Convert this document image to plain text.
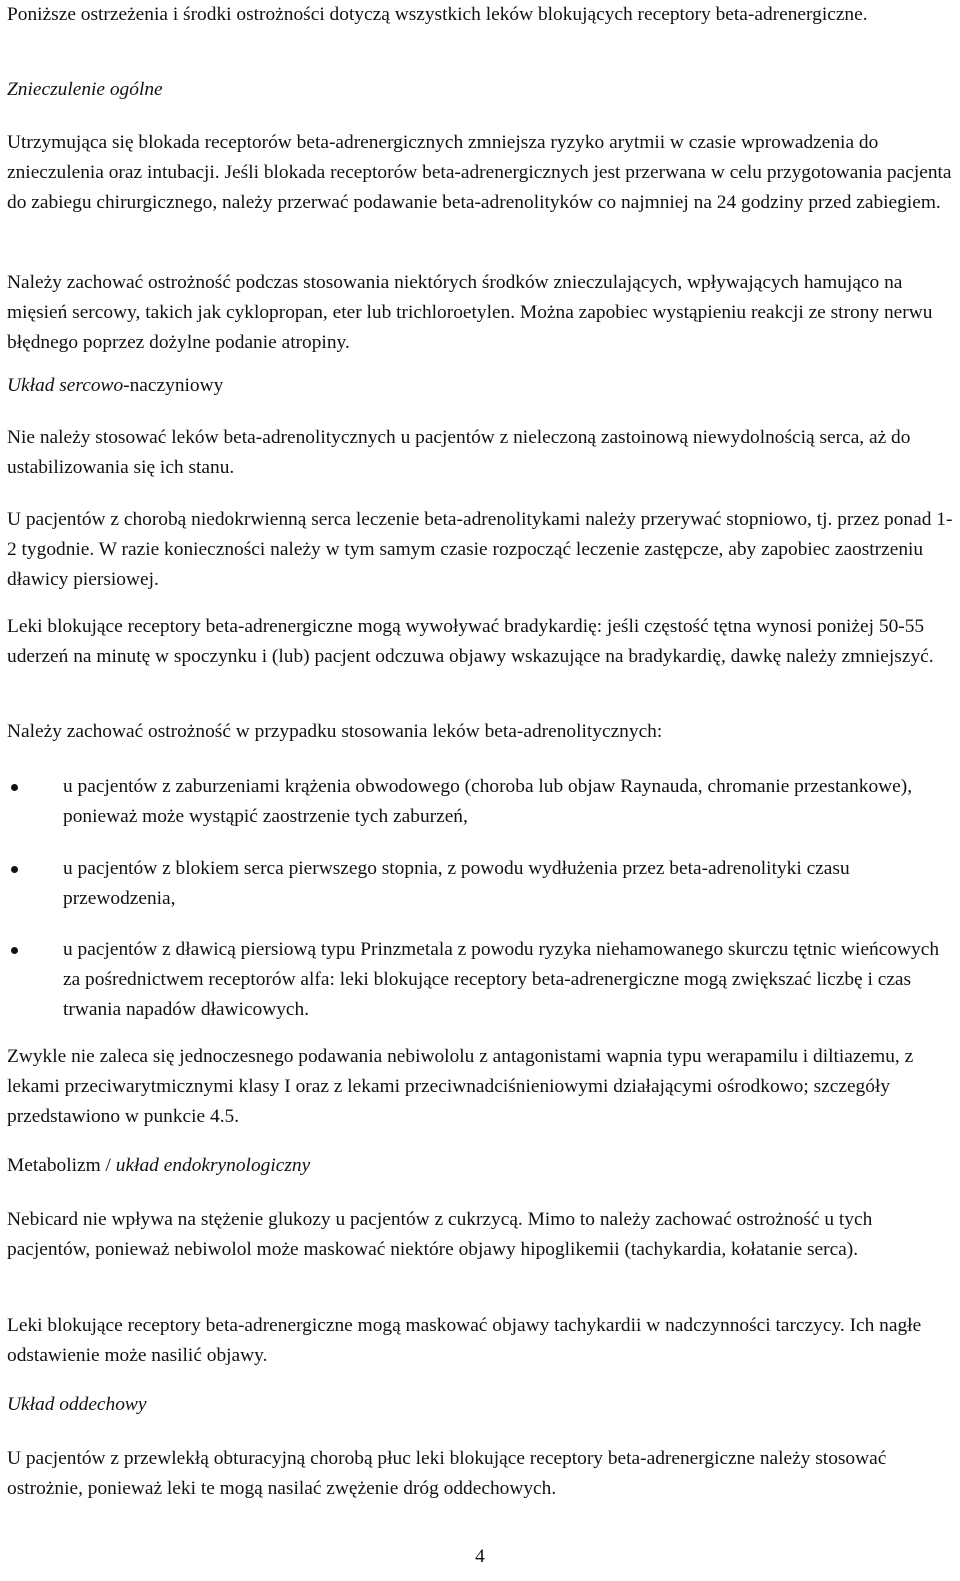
Poniższe ostrzeżenia i środki ostrożności dotyczą wszystkich leków blokujących receptory beta-adrenergiczne.

Znieczulenie ogólne

Utrzymująca się blokada receptorów beta-adrenergicznych zmniejsza ryzyko arytmii w czasie wprowadzenia do znieczulenia oraz intubacji. Jeśli blokada receptorów beta-adrenergicznych jest przerwana w celu przygotowania pacjenta do zabiegu chirurgicznego, należy przerwać podawanie beta-adrenolityków co najmniej na 24 godziny przed zabiegiem.

Należy zachować ostrożność podczas stosowania niektórych środków znieczulających, wpływających hamująco na mięsień sercowy, takich jak cyklopropan, eter lub trichloroetylen. Można zapobiec wystąpieniu reakcji ze strony nerwu błędnego poprzez dożylne podanie atropiny.

Układ sercowo-naczyniowy

Nie należy stosować leków beta-adrenolitycznych u pacjentów z nieleczoną zastoinową niewydolnością serca, aż do ustabilizowania się ich stanu.

U pacjentów z chorobą niedokrwienną serca leczenie beta-adrenolitykami należy przerywać stopniowo, tj. przez ponad 1-2 tygodnie. W razie konieczności należy w tym samym czasie rozpocząć leczenie zastępcze, aby zapobiec zaostrzeniu dławicy piersiowej.

Leki blokujące receptory beta-adrenergiczne mogą wywoływać bradykardię: jeśli częstość tętna wynosi poniżej 50-55 uderzeń na minutę w spoczynku i (lub) pacjent odczuwa objawy wskazujące na bradykardię, dawkę należy zmniejszyć.

Należy zachować ostrożność w przypadku stosowania leków beta-adrenolitycznych:

u pacjentów z zaburzeniami krążenia obwodowego (choroba lub objaw Raynauda, chromanie przestankowe), ponieważ może wystąpić zaostrzenie tych zaburzeń,
u pacjentów z blokiem serca pierwszego stopnia, z powodu wydłużenia przez beta-adrenolityki czasu przewodzenia,
u pacjentów z dławicą piersiową typu Prinzmetala z powodu ryzyka niehamowanego skurczu tętnic wieńcowych za pośrednictwem receptorów alfa: leki blokujące receptory beta-adrenergiczne mogą zwiększać liczbę i czas trwania napadów dławicowych.

Zwykle nie zaleca się jednoczesnego podawania nebiwololu z antagonistami wapnia typu werapamilu i diltiazemu, z lekami przeciwarytmicznymi klasy I oraz z lekami przeciwnadciśnieniowymi działającymi ośrodkowo; szczegóły przedstawiono w punkcie 4.5.

Metabolizm / układ endokrynologiczny

Nebicard nie wpływa na stężenie glukozy u pacjentów z cukrzycą. Mimo to należy zachować ostrożność u tych pacjentów, ponieważ nebiwolol może maskować niektóre objawy hipoglikemii (tachykardia, kołatanie serca).

Leki blokujące receptory beta-adrenergiczne mogą maskować objawy tachykardii w nadczynności tarczycy. Ich nagłe odstawienie może nasilić objawy.

Układ oddechowy

U pacjentów z przewlekłą obturacyjną chorobą płuc leki blokujące receptory beta-adrenergiczne należy stosować ostrożnie, ponieważ leki te mogą nasilać zwężenie dróg oddechowych.

4
